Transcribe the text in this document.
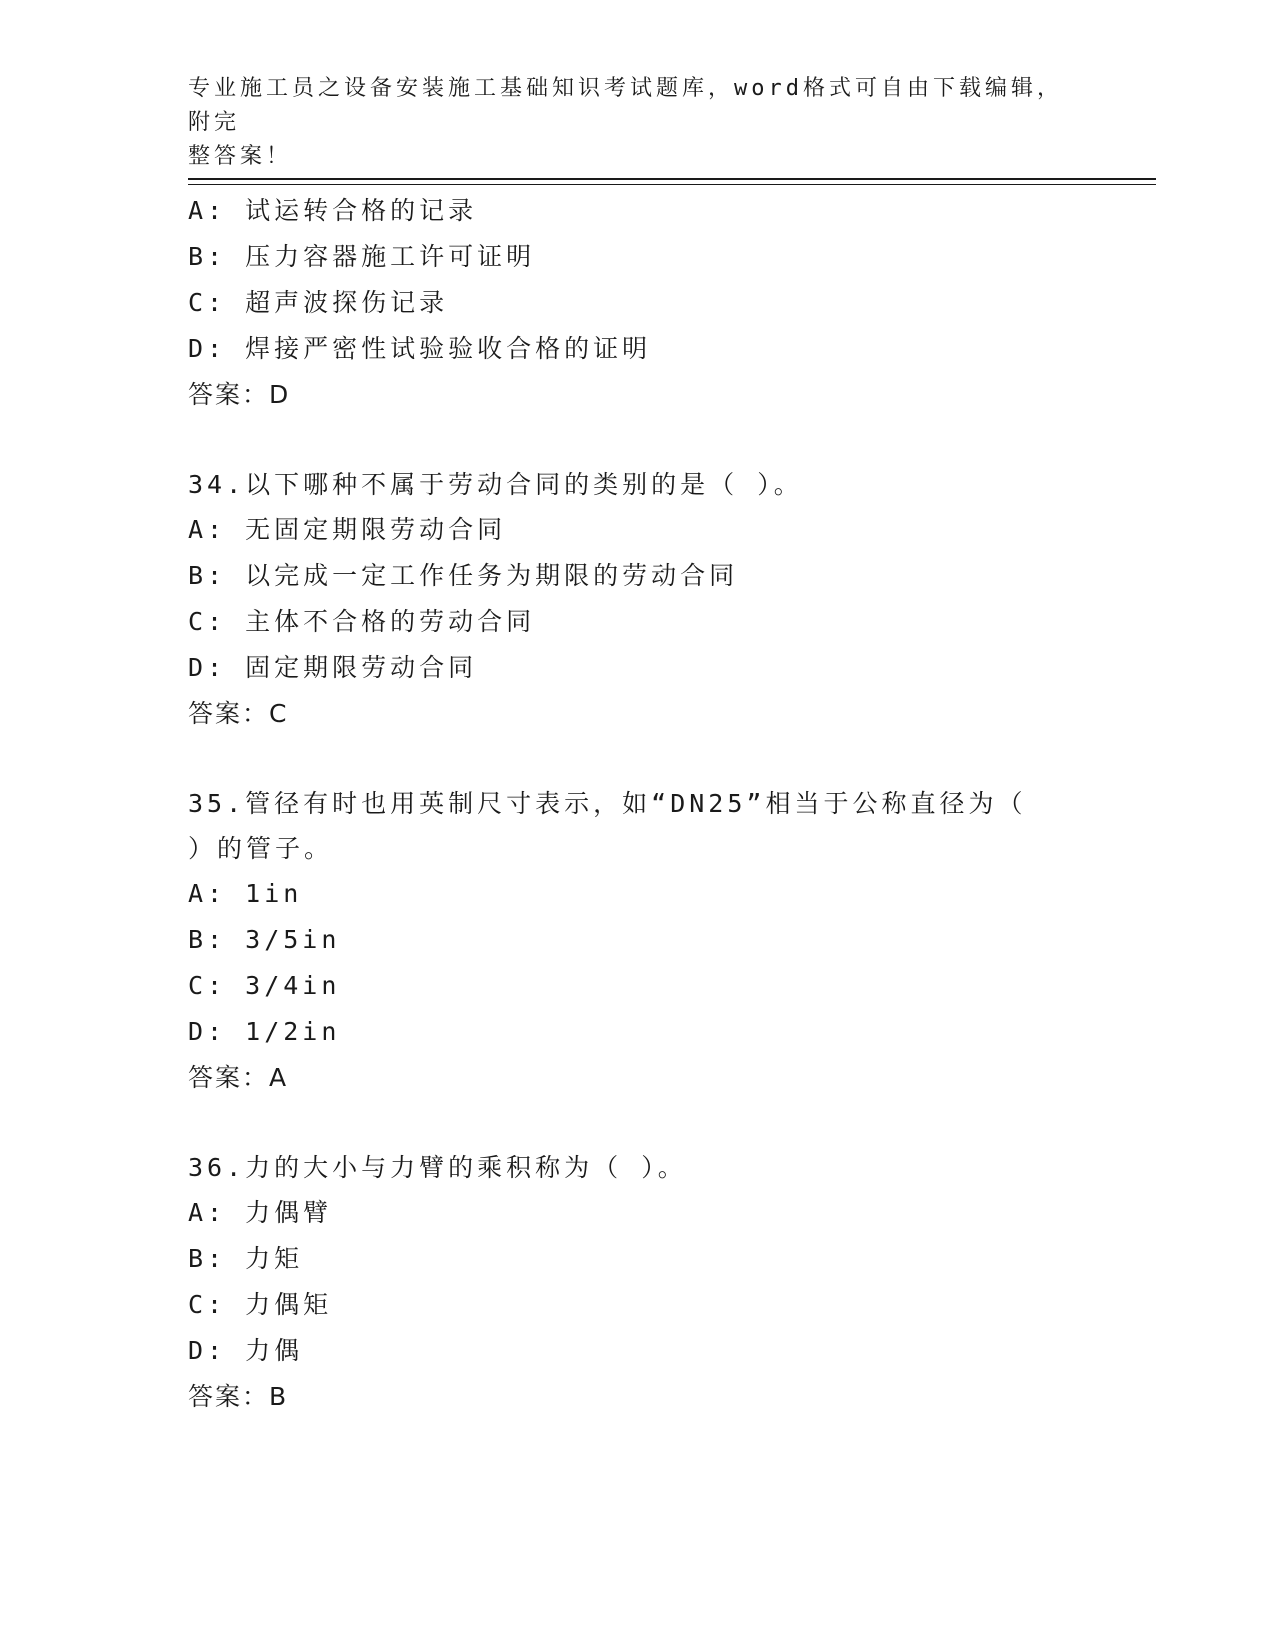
专业施工员之设备安装施工基础知识考试题库，word格式可自由下载编辑，附完
整答案！
A: 试运转合格的记录
B: 压力容器施工许可证明
C: 超声波探伤记录
D: 焊接严密性试验验收合格的证明
答案：D
34.以下哪种不属于劳动合同的类别的是（ ）。
A: 无固定期限劳动合同
B: 以完成一定工作任务为期限的劳动合同
C: 主体不合格的劳动合同
D: 固定期限劳动合同
答案：C
35.管径有时也用英制尺寸表示，如“DN25”相当于公称直径为（ ）的管子。
A: 1in
B: 3/5in
C: 3/4in
D: 1/2in
答案：A
36.力的大小与力臂的乘积称为（ ）。
A: 力偶臂
B: 力矩
C: 力偶矩
D: 力偶
答案：B
